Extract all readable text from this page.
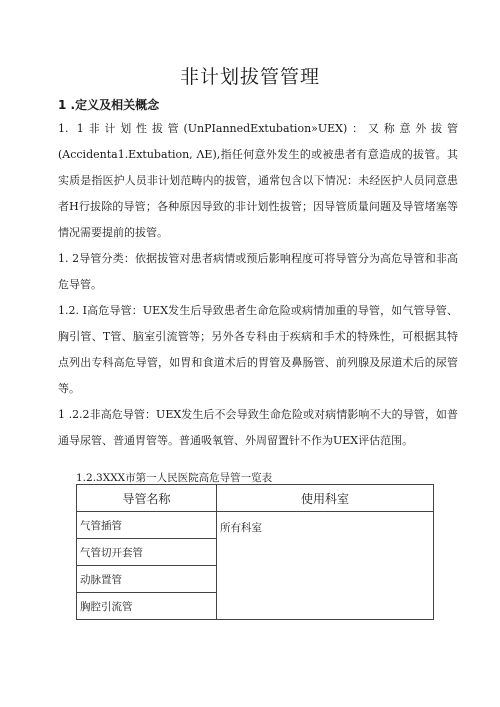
非计划拔管管理
1 .定义及相关概念

1. 1非计划性拔管(UnPIannedExtubation»UEX)：又称意外拔管(Accidenta1.Extubation, ΛE),指任何意外发生的或被患者有意造成的拔管。其实质是指医护人员非计划范畴内的拔管，通常包含以下情况：未经医护人员同意患者H行拔除的导管；各种原因导致的非计划性拔管；因导管质量问题及导管堵塞等情况需要提前的拔管。

1. 2导管分类：依据拔管对患者病情或预后影响程度可将导管分为高危导管和非高危导管。

1.2. I高危导管：UEX发生后导致患者生命危险或病情加重的导管，如气管导管、胸引管、T管、脑室引流管等；另外各专科由于疾病和手术的特殊性，可根据其特点列出专科高危导管，如胃和食道术后的胃管及鼻肠管、前列腺及尿道术后的尿管等。

1 .2.2非高危导管：UEX发生后不会导致生命危险或对病情影响不大的导管，如普通导尿管、普通胃管等。普通吸氧管、外周留置针不作为UEX评估范围。

1.2.3XXX市第一人民医院高危导管一览表
导管名称	使用科室
气管插管	所有科室
气管切开套管	
动脉置管	
胸腔引流管	
